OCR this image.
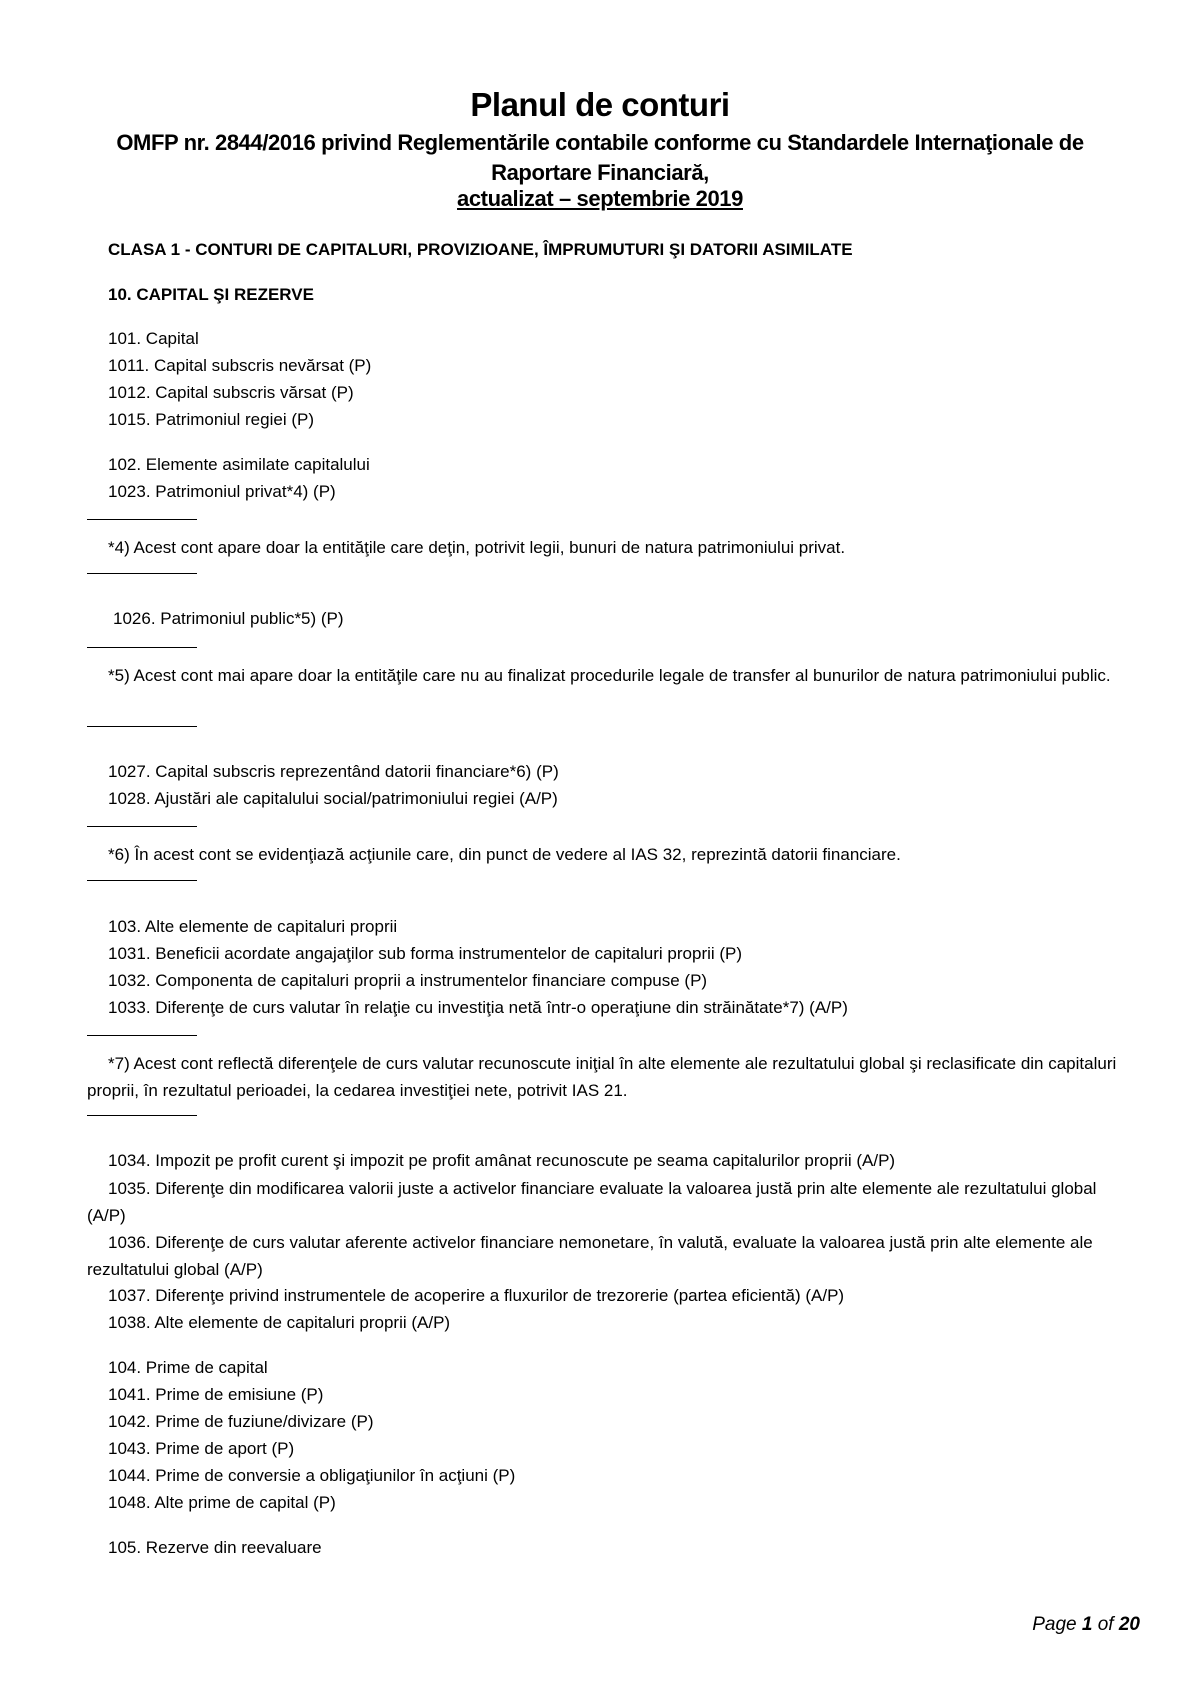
Planul de conturi
OMFP nr. 2844/2016 privind Reglementările contabile conforme cu Standardele Internaţionale de Raportare Financiară,
actualizat – septembrie 2019
CLASA 1 - CONTURI DE CAPITALURI, PROVIZIOANE, ÎMPRUMUTURI ŞI DATORII ASIMILATE
10. CAPITAL ŞI REZERVE
101. Capital
1011. Capital subscris nevărsat (P)
1012. Capital subscris vărsat (P)
1015. Patrimoniul regiei (P)
102. Elemente asimilate capitalului
1023. Patrimoniul privat*4) (P)
*4) Acest cont apare doar la entităţile care deţin, potrivit legii, bunuri de natura patrimoniului privat.
1026. Patrimoniul public*5) (P)
*5) Acest cont mai apare doar la entităţile care nu au finalizat procedurile legale de transfer al bunurilor de natura patrimoniului public.
1027. Capital subscris reprezentând datorii financiare*6) (P)
1028. Ajustări ale capitalului social/patrimoniului regiei (A/P)
*6) În acest cont se evidenţiază acţiunile care, din punct de vedere al IAS 32, reprezintă datorii financiare.
103. Alte elemente de capitaluri proprii
1031. Beneficii acordate angajaţilor sub forma instrumentelor de capitaluri proprii (P)
1032. Componenta de capitaluri proprii a instrumentelor financiare compuse (P)
1033. Diferenţe de curs valutar în relaţie cu investiţia netă într-o operaţiune din străinătate*7) (A/P)
*7) Acest cont reflectă diferenţele de curs valutar recunoscute iniţial în alte elemente ale rezultatului global şi reclasificate din capitaluri proprii, în rezultatul perioadei, la cedarea investiţiei nete, potrivit IAS 21.
1034. Impozit pe profit curent şi impozit pe profit amânat recunoscute pe seama capitalurilor proprii (A/P)
1035. Diferenţe din modificarea valorii juste a activelor financiare evaluate la valoarea justă prin alte elemente ale rezultatului global (A/P)
1036. Diferenţe de curs valutar aferente activelor financiare nemonetare, în valută, evaluate la valoarea justă prin alte elemente ale rezultatului global (A/P)
1037. Diferenţe privind instrumentele de acoperire a fluxurilor de trezorerie (partea eficientă) (A/P)
1038. Alte elemente de capitaluri proprii (A/P)
104. Prime de capital
1041. Prime de emisiune (P)
1042. Prime de fuziune/divizare (P)
1043. Prime de aport (P)
1044. Prime de conversie a obligaţiunilor în acţiuni (P)
1048. Alte prime de capital (P)
105. Rezerve din reevaluare
Page 1 of 20
